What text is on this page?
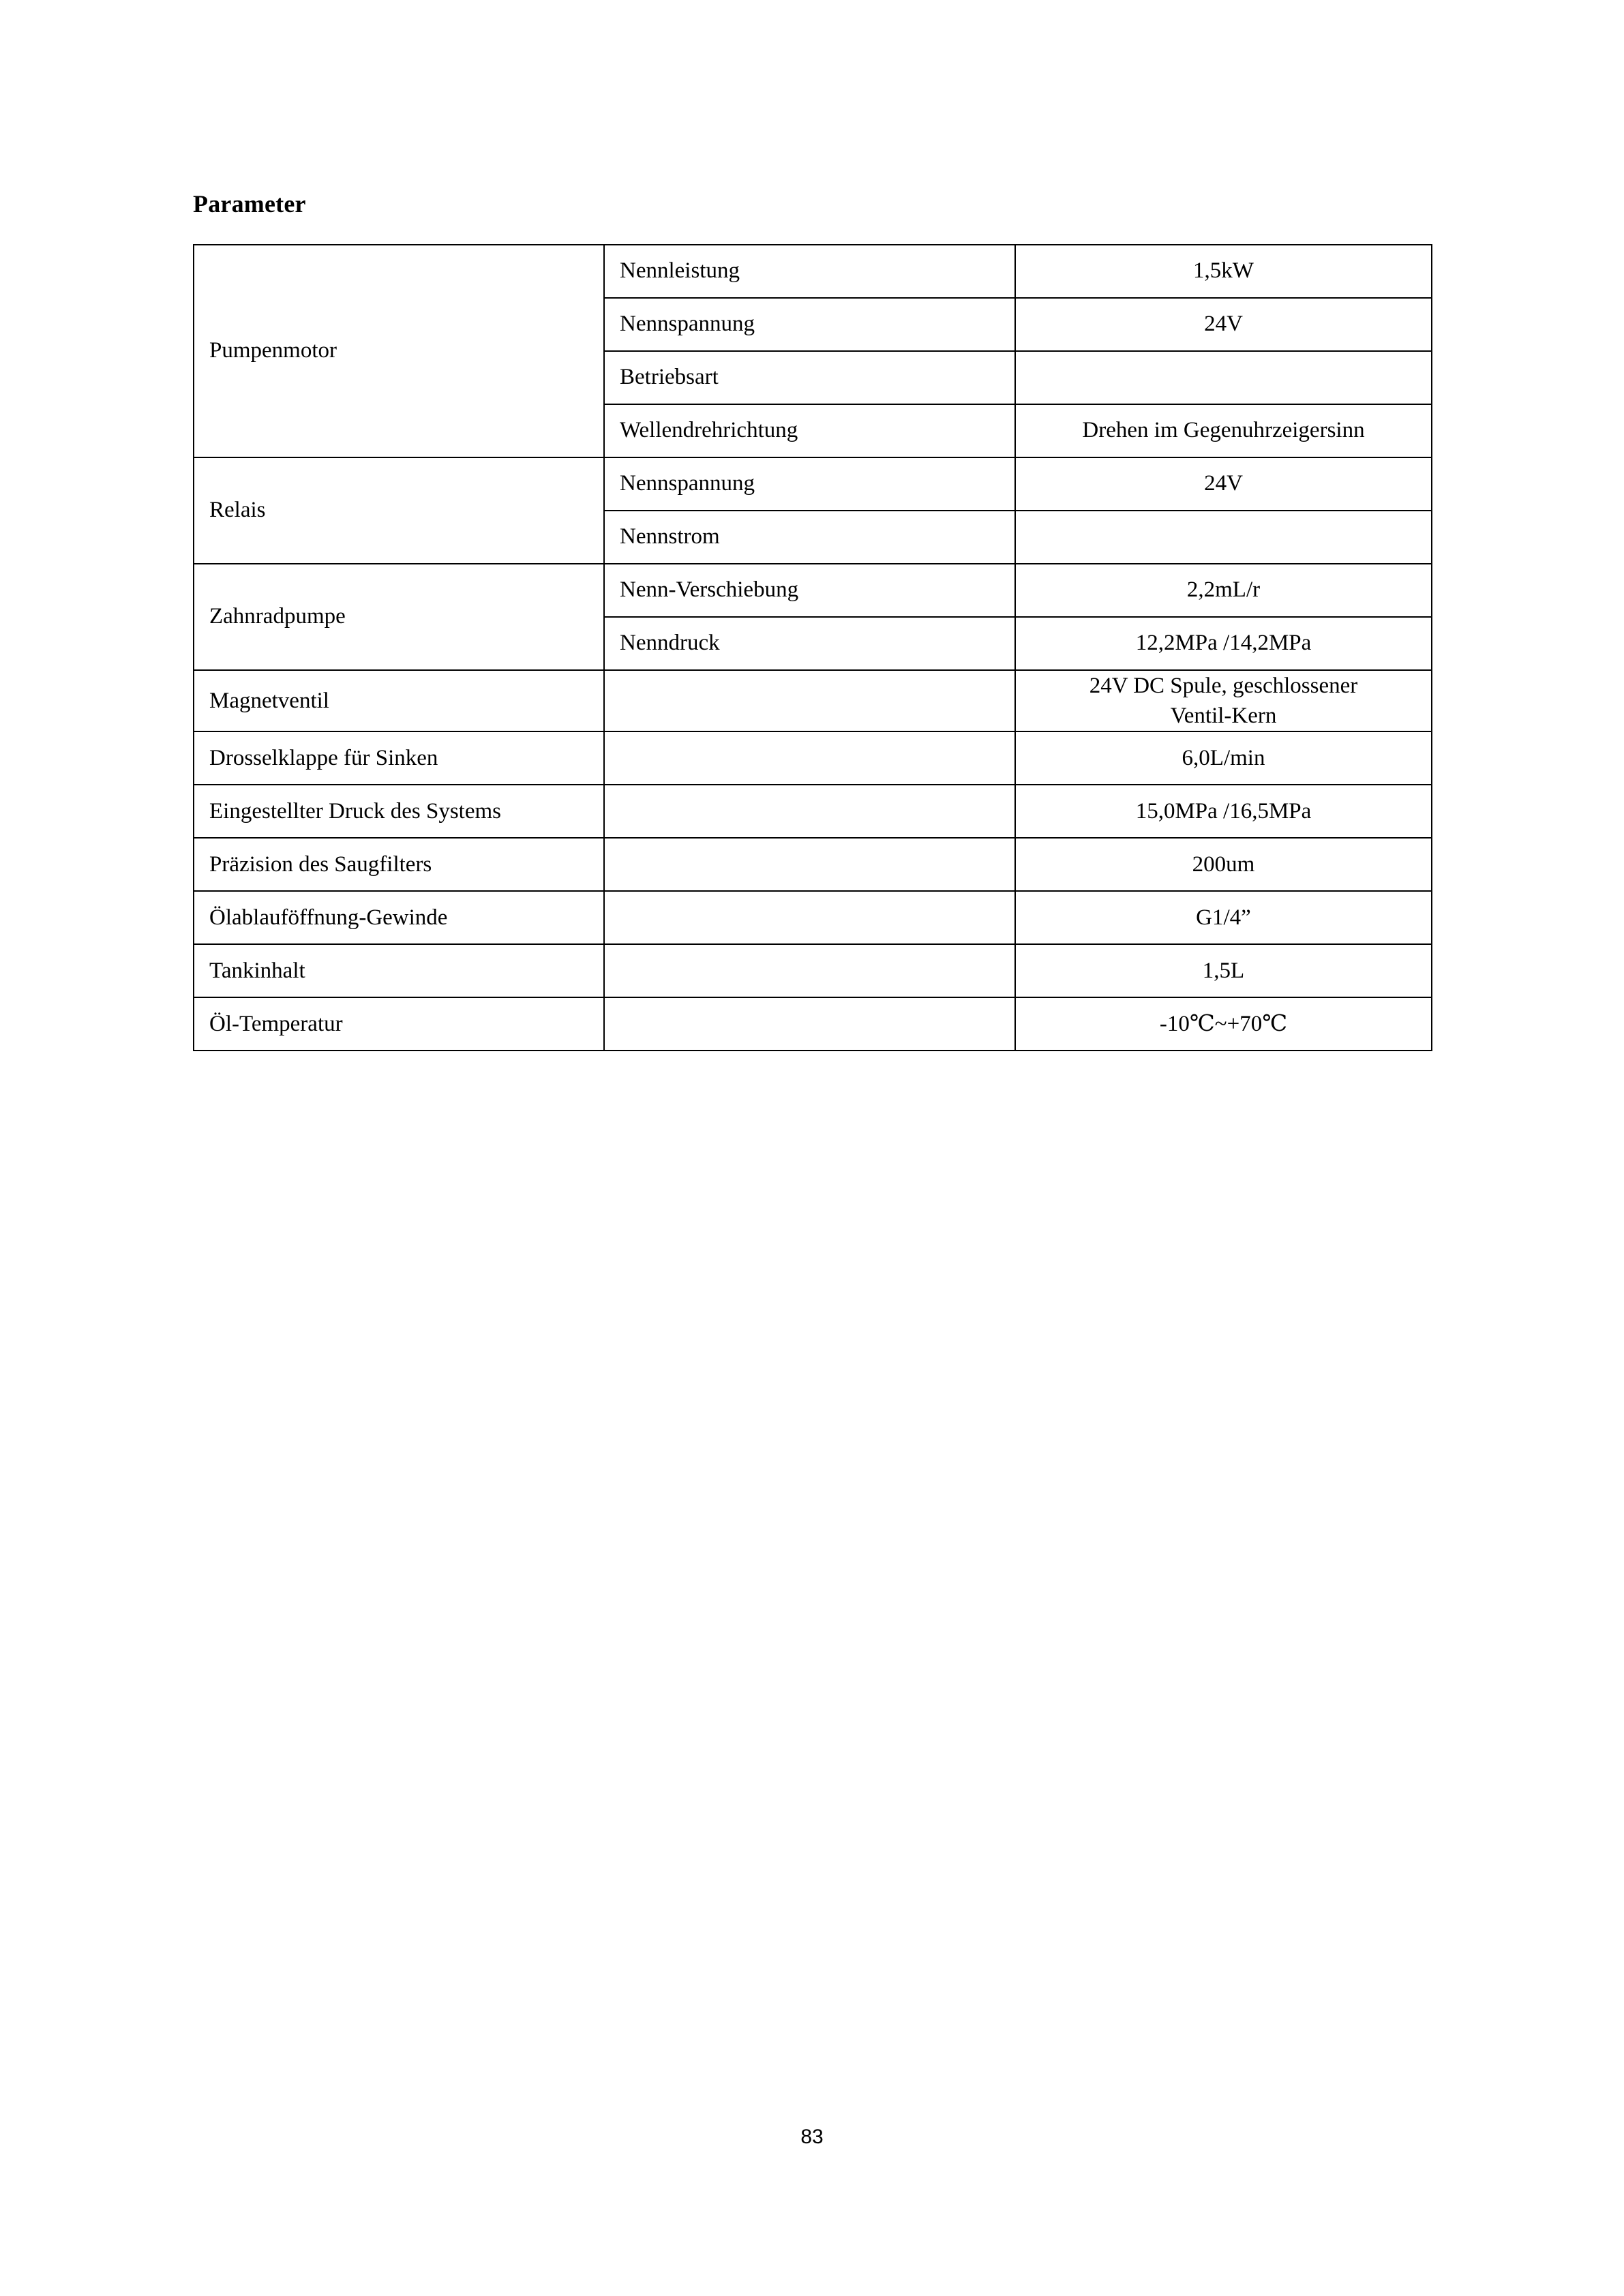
Parameter
Pumpenmotor	Nennleistung	1,5kW
	Nennspannung	24V
	Betriebsart	
	Wellendrehrichtung	Drehen im Gegenuhrzeigersinn
Relais	Nennspannung	24V
	Nennstrom	
Zahnradpumpe	Nenn-Verschiebung	2,2mL/r
	Nenndruck	12,2MPa /14,2MPa
Magnetventil		24V DC Spule, geschlossener
Ventil-Kern

Drosselklappe für Sinken		6,0L/min
Eingestellter Druck des Systems		15,0MPa /16,5MPa
Präzision des Saugfilters		200um
Ölablauföffnung-Gewinde		G1/4”
Tankinhalt		1,5L
Öl-Temperatur		-10℃~+70℃
83
